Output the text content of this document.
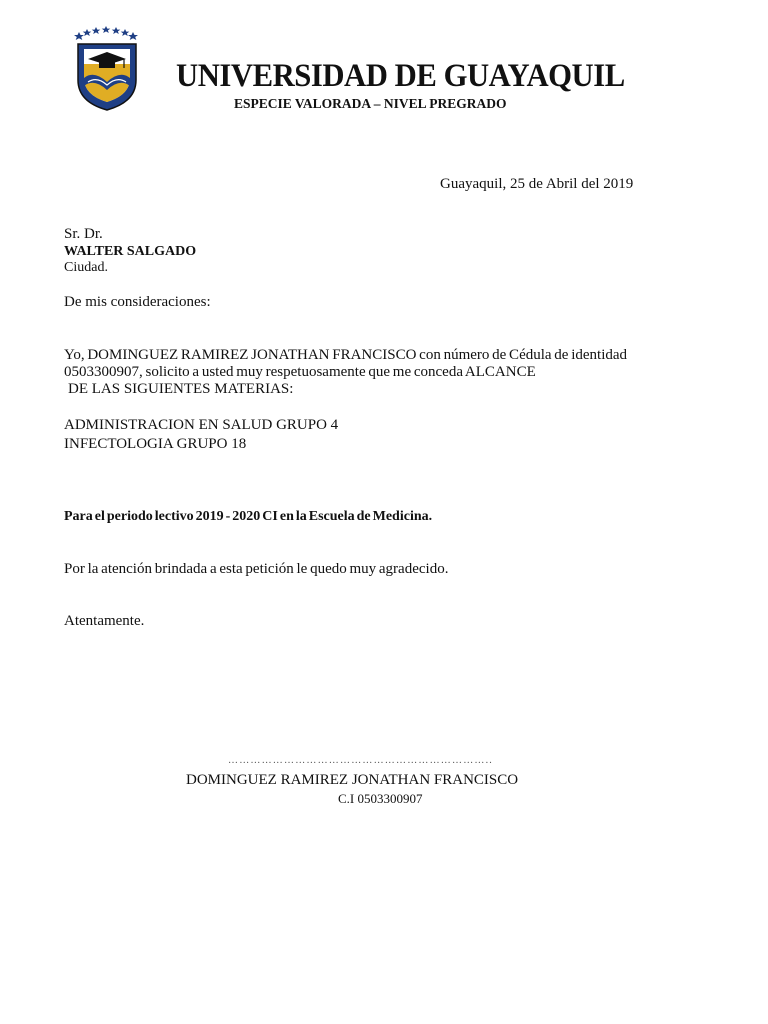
UNIVERSIDAD DE GUAYAQUIL
ESPECIE VALORADA – NIVEL PREGRADO
Guayaquil, 25 de Abril del 2019
Sr. Dr.
WALTER SALGADO
Ciudad.
De mis consideraciones:
Yo, DOMINGUEZ RAMIREZ JONATHAN FRANCISCO con número de Cédula de identidad
0503300907, solicito a usted muy respetuosamente que me conceda ALCANCE
DE LAS SIGUIENTES MATERIAS:
ADMINISTRACION EN SALUD GRUPO 4
INFECTOLOGIA GRUPO 18
Para el periodo lectivo 2019 - 2020 CI en la Escuela de Medicina.
Por la atención brindada a esta petición le quedo muy agradecido.
Atentamente.
……………………………………………………………..
DOMINGUEZ RAMIREZ JONATHAN FRANCISCO
C.I 0503300907
